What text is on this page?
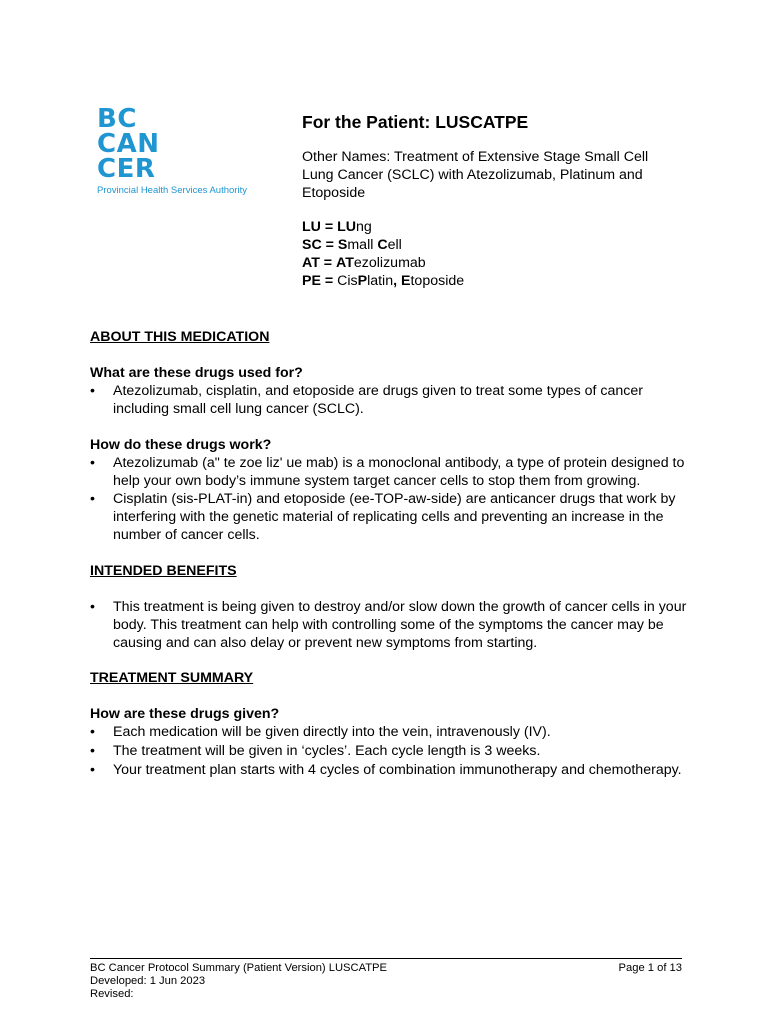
BC
CAN
CER
Provincial Health Services Authority
For the Patient: LUSCATPE
Other Names: Treatment of Extensive Stage Small Cell Lung Cancer (SCLC) with Atezolizumab, Platinum and Etoposide
LU = LUng
SC = Small Cell
AT = ATezolizumab
PE = CisPlatin, Etoposide
ABOUT THIS MEDICATION

What are these drugs used for?

• Atezolizumab, cisplatin, and etoposide are drugs given to treat some types of cancer including small cell lung cancer (SCLC).

How do these drugs work?

• Atezolizumab (a" te zoe liz' ue mab) is a monoclonal antibody, a type of protein designed to help your own body’s immune system target cancer cells to stop them from growing.
• Cisplatin (sis-PLAT-in) and etoposide (ee-TOP-aw-side) are anticancer drugs that work by interfering with the genetic material of replicating cells and preventing an increase in the number of cancer cells.
INTENDED BENEFITS
• This treatment is being given to destroy and/or slow down the growth of cancer cells in your body. This treatment can help with controlling some of the symptoms the cancer may be causing and can also delay or prevent new symptoms from starting.
TREATMENT SUMMARY

How are these drugs given?

• Each medication will be given directly into the vein, intravenously (IV).
• The treatment will be given in ‘cycles’. Each cycle length is 3 weeks.
• Your treatment plan starts with 4 cycles of combination immunotherapy and chemotherapy.
BC Cancer Protocol Summary (Patient Version) LUSCATPE
Developed: 1 Jun 2023
Revised:
Page 1 of 13
